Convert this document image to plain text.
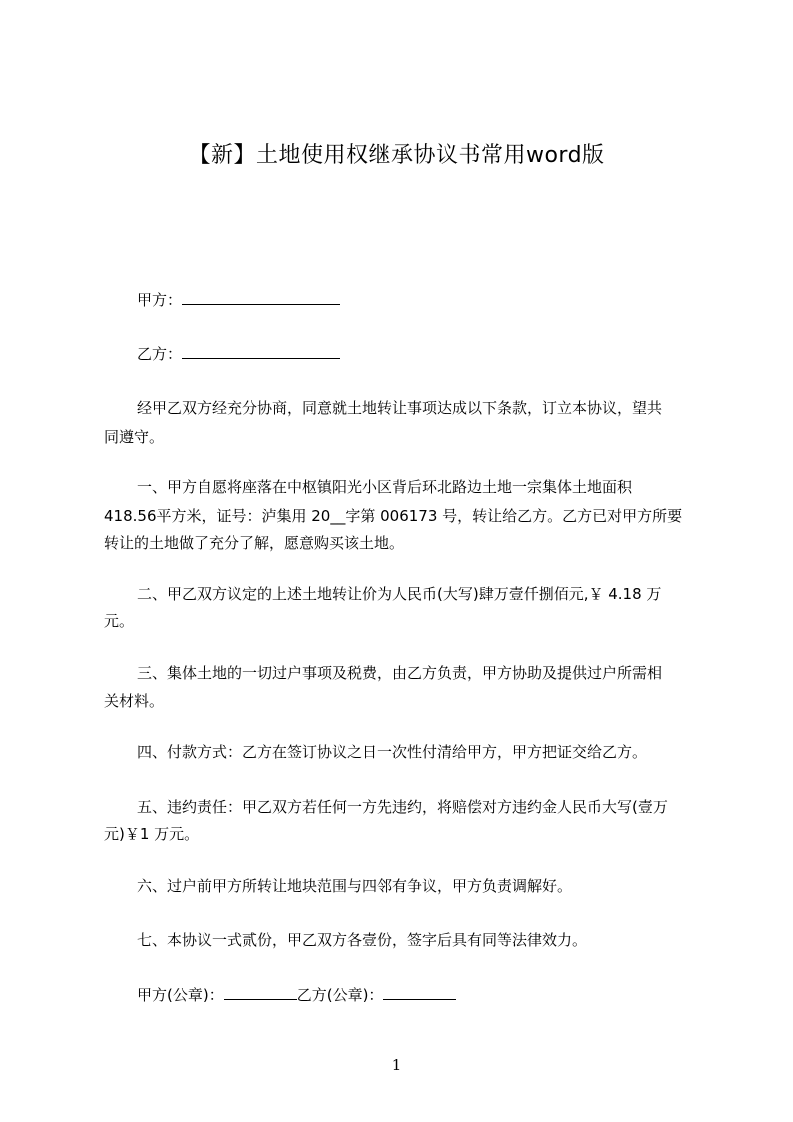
【新】土地使用权继承协议书常用word版
甲方：
乙方：
经甲乙双方经充分协商，同意就土地转让事项达成以下条款，订立本协议，望共
同遵守。
一、甲方自愿将座落在中枢镇阳光小区背后环北路边土地一宗集体土地面积
418.56平方米，证号：泸集用 20__字第 006173 号，转让给乙方。乙方已对甲方所要
转让的土地做了充分了解，愿意购买该土地。
二、甲乙双方议定的上述土地转让价为人民币(大写)肆万壹仟捌佰元,￥ 4.18 万
元。
三、集体土地的一切过户事项及税费，由乙方负责，甲方协助及提供过户所需相
关材料。
四、付款方式：乙方在签订协议之日一次性付清给甲方，甲方把证交给乙方。
五、违约责任：甲乙双方若任何一方先违约，将赔偿对方违约金人民币大写(壹万
元)￥1 万元。
六、过户前甲方所转让地块范围与四邻有争议，甲方负责调解好。
七、本协议一式贰份，甲乙双方各壹份，签字后具有同等法律效力。
甲方(公章)：	乙方(公章)：
1
